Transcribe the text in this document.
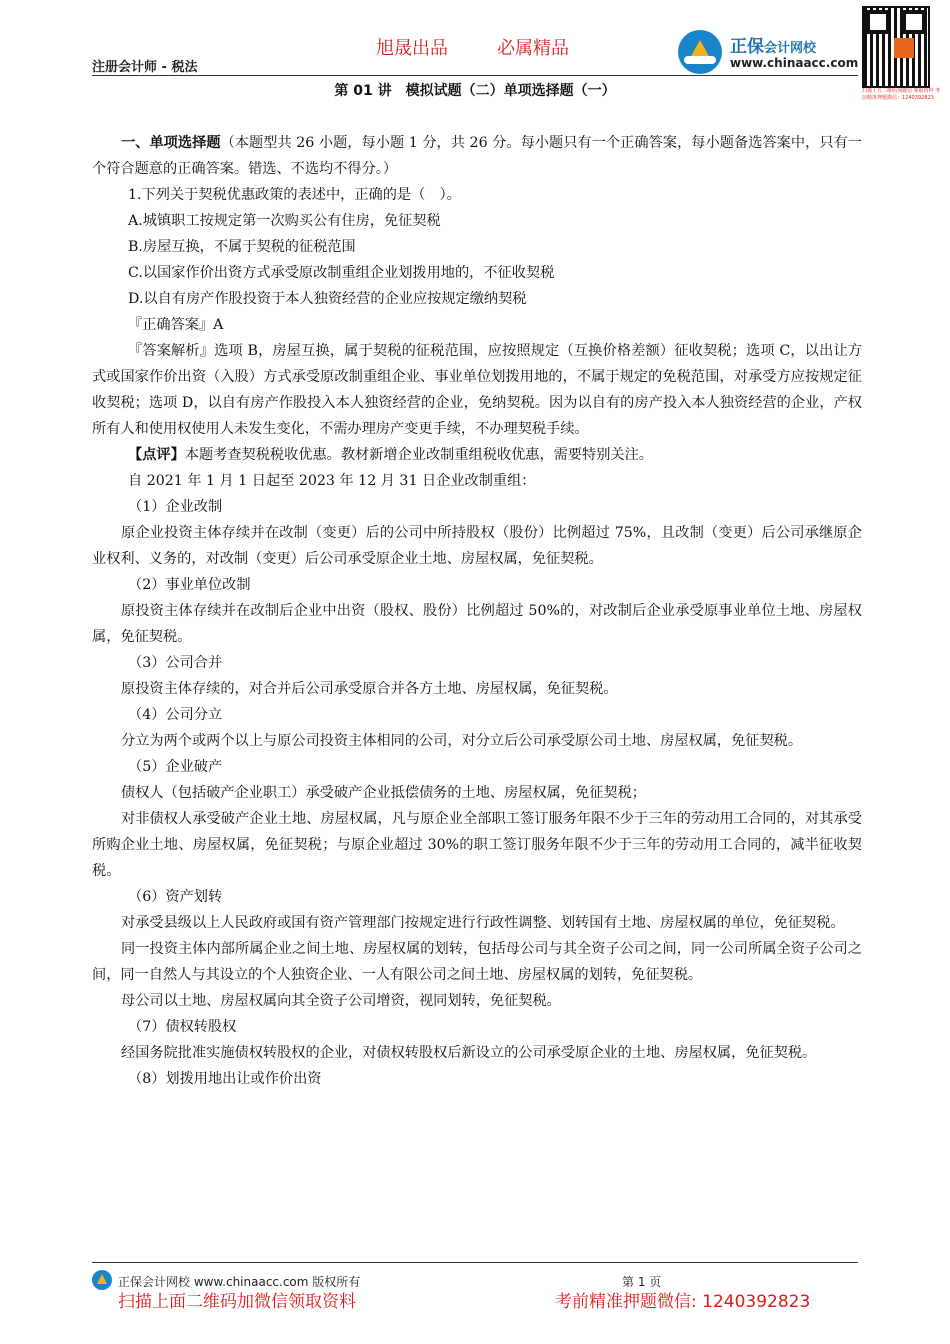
注册会计师 - 税法
旭晟出品	必属精品	正保会计网校
www.chinaacc.com
扫描上方二维码加微信 领取资料 考前精准押题微信：1240392823
第 01 讲　模拟试题（二）单项选择题（一）

一、单项选择题（本题型共 26 小题，每小题 1 分，共 26 分。每小题只有一个正确答案，每小题备选答案中，只有一个符合题意的正确答案。错选、不选均不得分。）

1.下列关于契税优惠政策的表述中，正确的是（　）。

A.城镇职工按规定第一次购买公有住房，免征契税

B.房屋互换，不属于契税的征税范围

C.以国家作价出资方式承受原改制重组企业划拨用地的，不征收契税

D.以自有房产作股投资于本人独资经营的企业应按规定缴纳契税

『正确答案』A

『答案解析』选项 B，房屋互换，属于契税的征税范围，应按照规定（互换价格差额）征收契税；选项 C，以出让方式或国家作价出资（入股）方式承受原改制重组企业、事业单位划拨用地的，不属于规定的免税范围，对承受方应按规定征收契税；选项 D，以自有房产作股投入本人独资经营的企业，免纳契税。因为以自有的房产投入本人独资经营的企业，产权所有人和使用权使用人未发生变化，不需办理房产变更手续，不办理契税手续。

【点评】本题考查契税税收优惠。教材新增企业改制重组税收优惠，需要特别关注。

自 2021 年 1 月 1 日起至 2023 年 12 月 31 日企业改制重组：

（1）企业改制

原企业投资主体存续并在改制（变更）后的公司中所持股权（股份）比例超过 75%，且改制（变更）后公司承继原企业权利、义务的，对改制（变更）后公司承受原企业土地、房屋权属，免征契税。

（2）事业单位改制

原投资主体存续并在改制后企业中出资（股权、股份）比例超过 50%的，对改制后企业承受原事业单位土地、房屋权属，免征契税。

（3）公司合并

原投资主体存续的，对合并后公司承受原合并各方土地、房屋权属，免征契税。

（4）公司分立

分立为两个或两个以上与原公司投资主体相同的公司，对分立后公司承受原公司土地、房屋权属，免征契税。

（5）企业破产

债权人（包括破产企业职工）承受破产企业抵偿债务的土地、房屋权属，免征契税；

对非债权人承受破产企业土地、房屋权属，凡与原企业全部职工签订服务年限不少于三年的劳动用工合同的，对其承受所购企业土地、房屋权属，免征契税；与原企业超过 30%的职工签订服务年限不少于三年的劳动用工合同的，减半征收契税。

（6）资产划转

对承受县级以上人民政府或国有资产管理部门按规定进行行政性调整、划转国有土地、房屋权属的单位，免征契税。

同一投资主体内部所属企业之间土地、房屋权属的划转，包括母公司与其全资子公司之间，同一公司所属全资子公司之间，同一自然人与其设立的个人独资企业、一人有限公司之间土地、房屋权属的划转，免征契税。

母公司以土地、房屋权属向其全资子公司增资，视同划转，免征契税。

（7）债权转股权

经国务院批准实施债权转股权的企业，对债权转股权后新设立的公司承受原企业的土地、房屋权属，免征契税。

（8）划拨用地出让或作价出资

正保会计网校 www.chinaacc.com 版权所有	第 1 页
扫描上面二维码加微信领取资料	考前精准押题微信: 1240392823
